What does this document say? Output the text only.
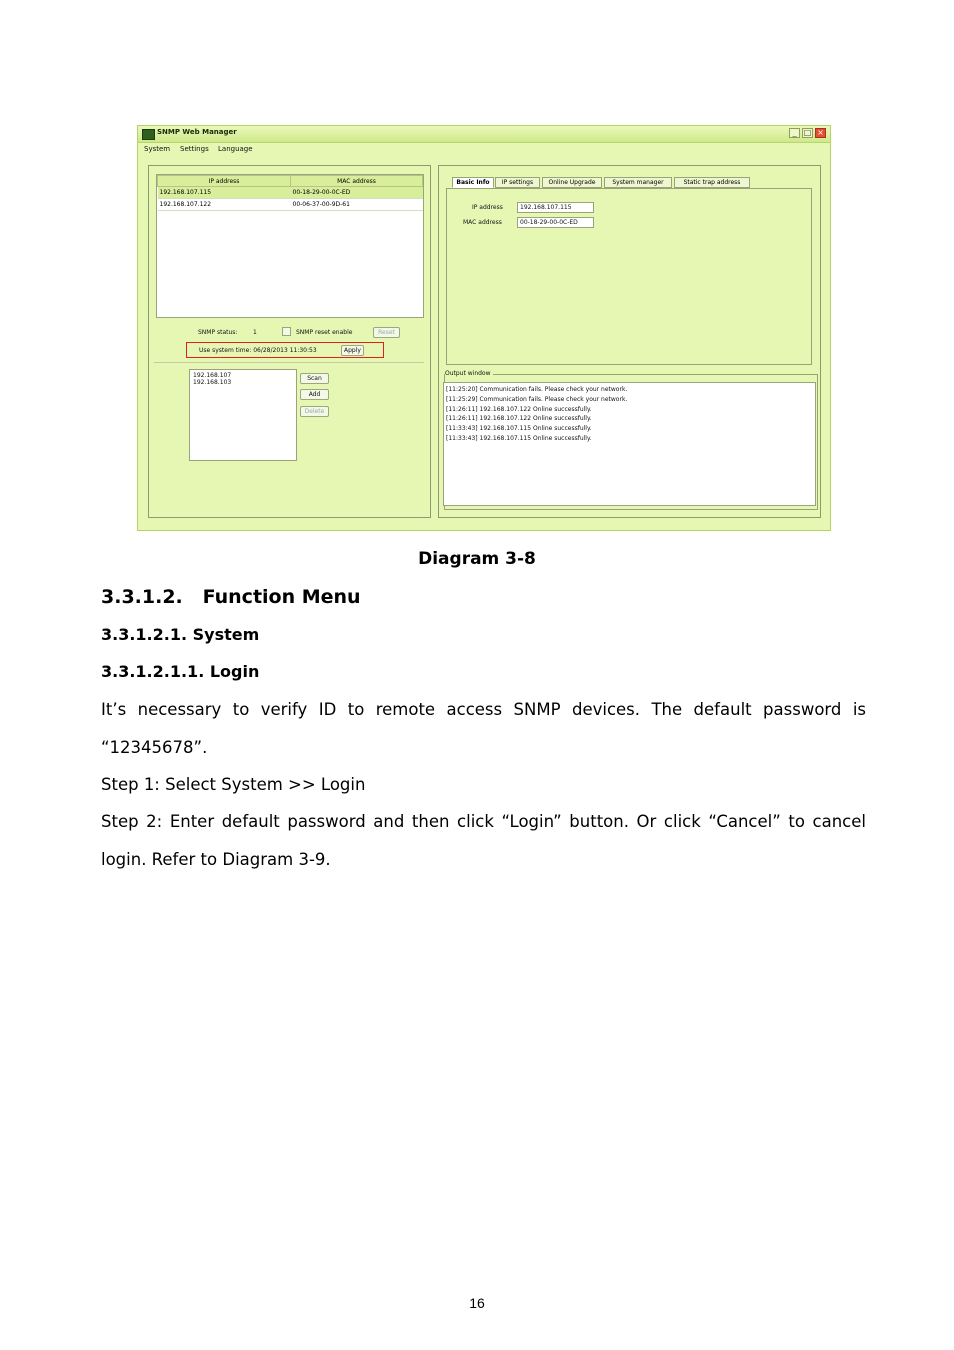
SNMP Web Manager	_ □ ×
System Settings Language
IP address	MAC address
192.168.107.115	00-18-29-00-0C-ED
192.168.107.122	00-06-37-00-9D-61
SNMP status:	1	SNMP reset enable	Reset
Use system time: 06/28/2013 11:30:53	Apply
192.168.107
192.168.103
Scan
Add
Delete
IP address	192.168.107.115
MAC address	00-18-29-00-0C-ED
Output window
[11:25:20] Communication fails. Please check your network.
[11:25:29] Communication fails. Please check your network.
[11:26:11] 192.168.107.122 Online successfully.
[11:26:11] 192.168.107.122 Online successfully.
[11:33:43] 192.168.107.115 Online successfully.
[11:33:43] 192.168.107.115 Online successfully.
Basic Info	IP settings	Online Upgrade	System manager	Static trap address
Diagram 3-8
3.3.1.2.   Function Menu
3.3.1.2.1. System
3.3.1.2.1.1. Login
It’s necessary to verify ID to remote access SNMP devices. The default password is
“12345678”.
Step 1: Select System >> Login
Step 2: Enter default password and then click “Login” button. Or click “Cancel” to cancel
login. Refer to Diagram 3-9.
16
